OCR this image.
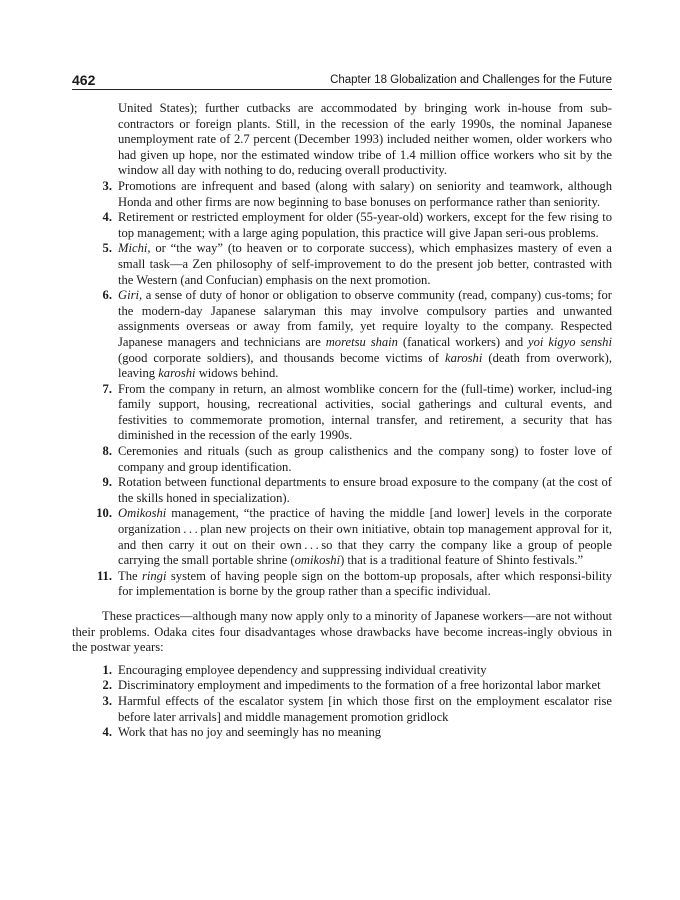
462	Chapter 18 Globalization and Challenges for the Future
United States); further cutbacks are accommodated by bringing work in-house from sub-contractors or foreign plants. Still, in the recession of the early 1990s, the nominal Japanese unemployment rate of 2.7 percent (December 1993) included neither women, older workers who had given up hope, nor the estimated window tribe of 1.4 million office workers who sit by the window all day with nothing to do, reducing overall productivity.
3. Promotions are infrequent and based (along with salary) on seniority and teamwork, although Honda and other firms are now beginning to base bonuses on performance rather than seniority.
4. Retirement or restricted employment for older (55-year-old) workers, except for the few rising to top management; with a large aging population, this practice will give Japan seri-ous problems.
5. Michi, or “the way” (to heaven or to corporate success), which emphasizes mastery of even a small task—a Zen philosophy of self-improvement to do the present job better, contrasted with the Western (and Confucian) emphasis on the next promotion.
6. Giri, a sense of duty of honor or obligation to observe community (read, company) cus-toms; for the modern-day Japanese salaryman this may involve compulsory parties and unwanted assignments overseas or away from family, yet require loyalty to the company. Respected Japanese managers and technicians are moretsu shain (fanatical workers) and yoi kigyo senshi (good corporate soldiers), and thousands become victims of karoshi (death from overwork), leaving karoshi widows behind.
7. From the company in return, an almost womblike concern for the (full-time) worker, includ-ing family support, housing, recreational activities, social gatherings and cultural events, and festivities to commemorate promotion, internal transfer, and retirement, a security that has diminished in the recession of the early 1990s.
8. Ceremonies and rituals (such as group calisthenics and the company song) to foster love of company and group identification.
9. Rotation between functional departments to ensure broad exposure to the company (at the cost of the skills honed in specialization).
10. Omikoshi management, “the practice of having the middle [and lower] levels in the corporate organization . . . plan new projects on their own initiative, obtain top management approval for it, and then carry it out on their own . . . so that they carry the company like a group of people carrying the small portable shrine (omikoshi) that is a traditional feature of Shinto festivals.”
11. The ringi system of having people sign on the bottom-up proposals, after which responsi-bility for implementation is borne by the group rather than a specific individual.

These practices—although many now apply only to a minority of Japanese workers—are not without their problems. Odaka cites four disadvantages whose drawbacks have become increas-ingly obvious in the postwar years:

1. Encouraging employee dependency and suppressing individual creativity
2. Discriminatory employment and impediments to the formation of a free horizontal labor market
3. Harmful effects of the escalator system [in which those first on the employment escalator rise before later arrivals] and middle management promotion gridlock
4. Work that has no joy and seemingly has no meaning
